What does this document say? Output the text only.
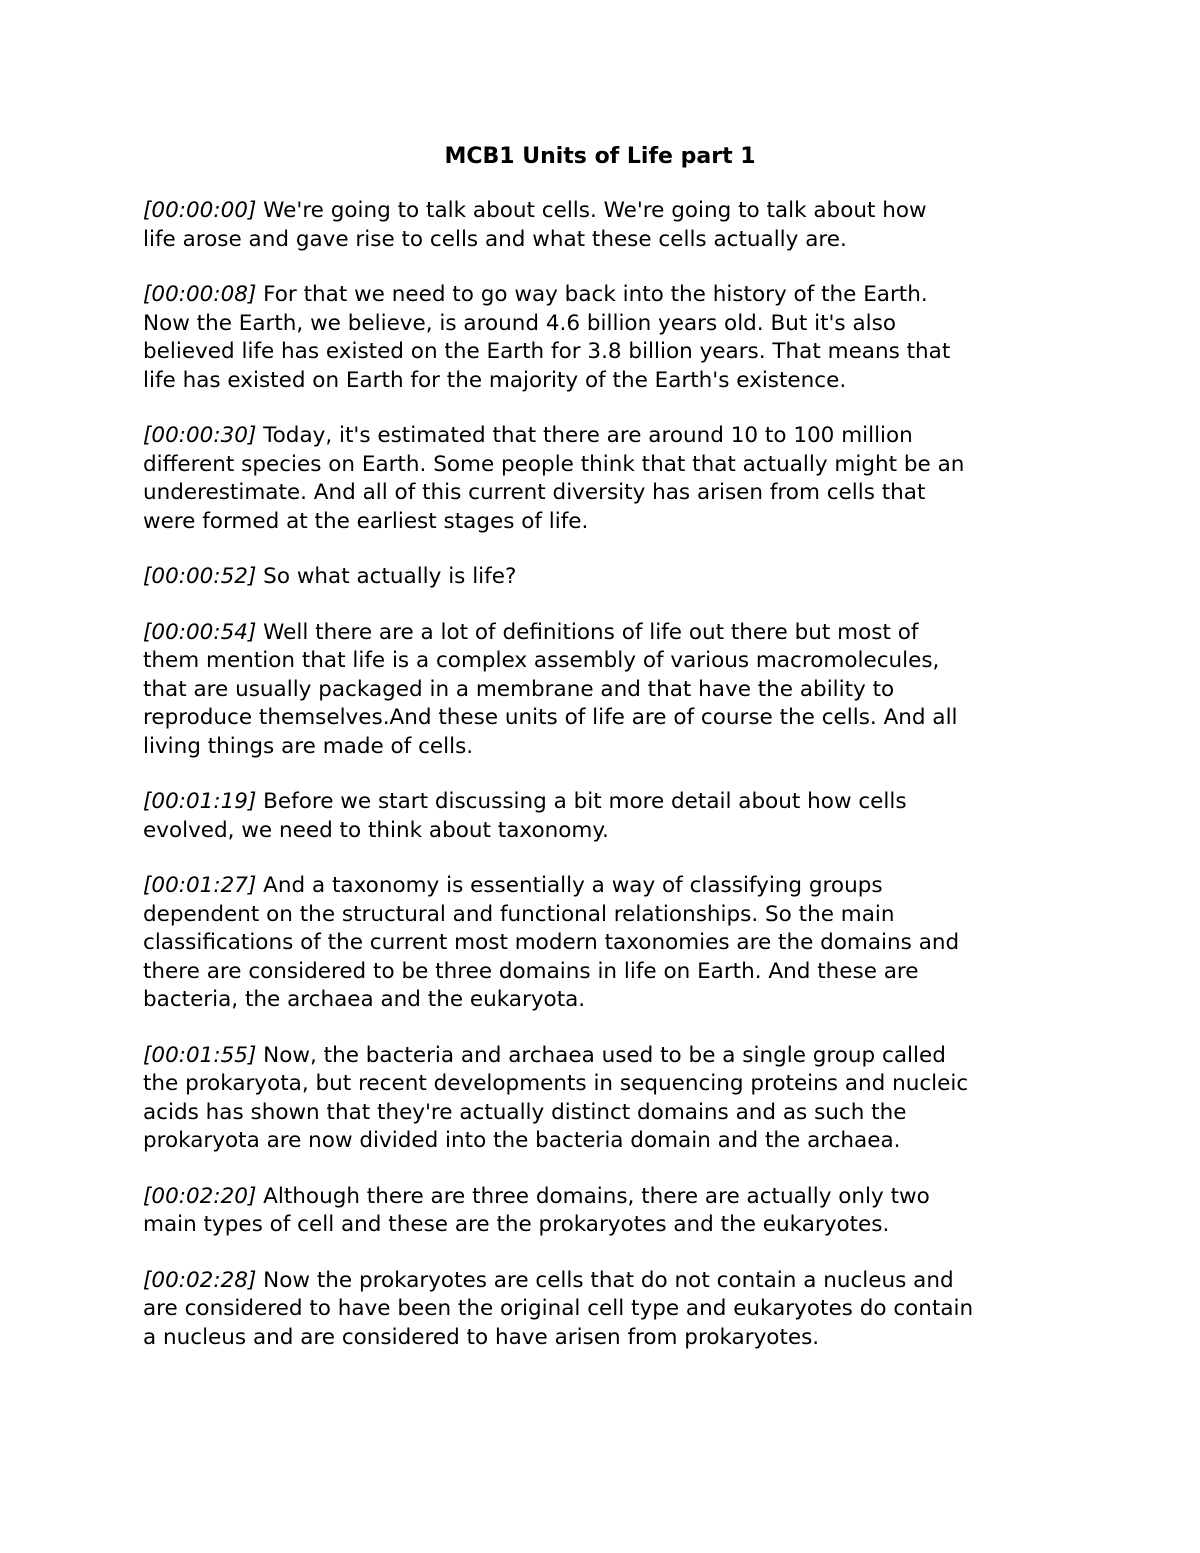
MCB1 Units of Life part 1

[00:00:00] We're going to talk about cells. We're going to talk about how
life arose and gave rise to cells and what these cells actually are.

[00:00:08] For that we need to go way back into the history of the Earth.
Now the Earth, we believe, is around 4.6 billion years old. But it's also
believed life has existed on the Earth for 3.8 billion years. That means that
life has existed on Earth for the majority of the Earth's existence.

[00:00:30] Today, it's estimated that there are around 10 to 100 million
different species on Earth. Some people think that that actually might be an
underestimate. And all of this current diversity has arisen from cells that
were formed at the earliest stages of life.

[00:00:52] So what actually is life?

[00:00:54] Well there are a lot of definitions of life out there but most of
them mention that life is a complex assembly of various macromolecules,
that are usually packaged in a membrane and that have the ability to
reproduce themselves.And these units of life are of course the cells. And all
living things are made of cells.

[00:01:19] Before we start discussing a bit more detail about how cells
evolved, we need to think about taxonomy.

[00:01:27] And a taxonomy is essentially a way of classifying groups
dependent on the structural and functional relationships. So the main
classifications of the current most modern taxonomies are the domains and
there are considered to be three domains in life on Earth. And these are
bacteria, the archaea and the eukaryota.

[00:01:55] Now, the bacteria and archaea used to be a single group called
the prokaryota, but recent developments in sequencing proteins and nucleic
acids has shown that they're actually distinct domains and as such the
prokaryota are now divided into the bacteria domain and the archaea.

[00:02:20] Although there are three domains, there are actually only two
main types of cell and these are the prokaryotes and the eukaryotes.

[00:02:28] Now the prokaryotes are cells that do not contain a nucleus and
are considered to have been the original cell type and eukaryotes do contain
a nucleus and are considered to have arisen from prokaryotes.
